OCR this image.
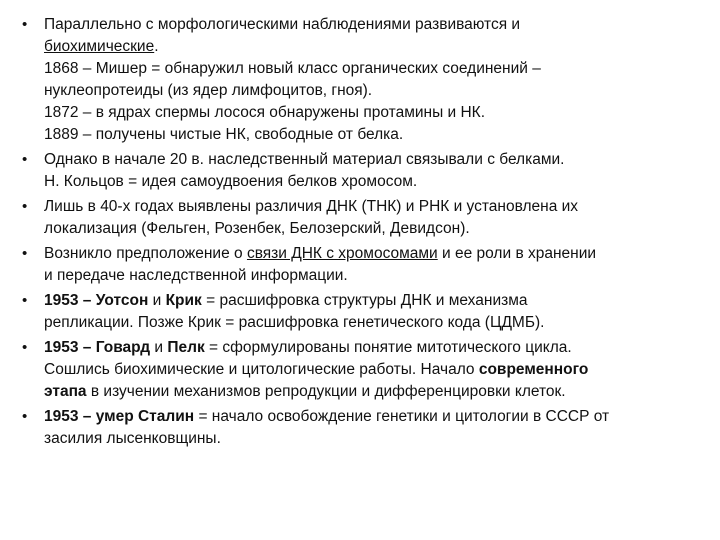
• Параллельно с морфологическими наблюдениями развиваются и
биохимические.
1868 – Мишер = обнаружил новый класс органических соединений –
нуклеопротеиды (из ядер лимфоцитов, гноя).
1872 – в ядрах спермы лосося обнаружены протамины и НК.
1889 – получены чистые НК, свободные от белка.
• Однако в начале 20 в. наследственный материал связывали с белками.
Н. Кольцов = идея самоудвоения белков хромосом.
• Лишь в 40-х годах выявлены различия ДНК (ТНК) и РНК и установлена их
локализация (Фельген, Розенбек, Белозерский, Девидсон).
• Возникло предположение о связи ДНК с хромосомами и ее роли в хранении
и передаче наследственной информации.
• 1953 – Уотсон и Крик = расшифровка структуры ДНК и механизма
репликации. Позже Крик = расшифровка генетического кода (ЦДМБ).
• 1953 – Говард и Пелк = сформулированы понятие митотического цикла.
Сошлись биохимические и цитологические работы. Начало современного
этапа в изучении механизмов репродукции и дифференцировки клеток.
• 1953 – умер Сталин = начало освобождение генетики и цитологии в СССР от
засилия лысенковщины.
